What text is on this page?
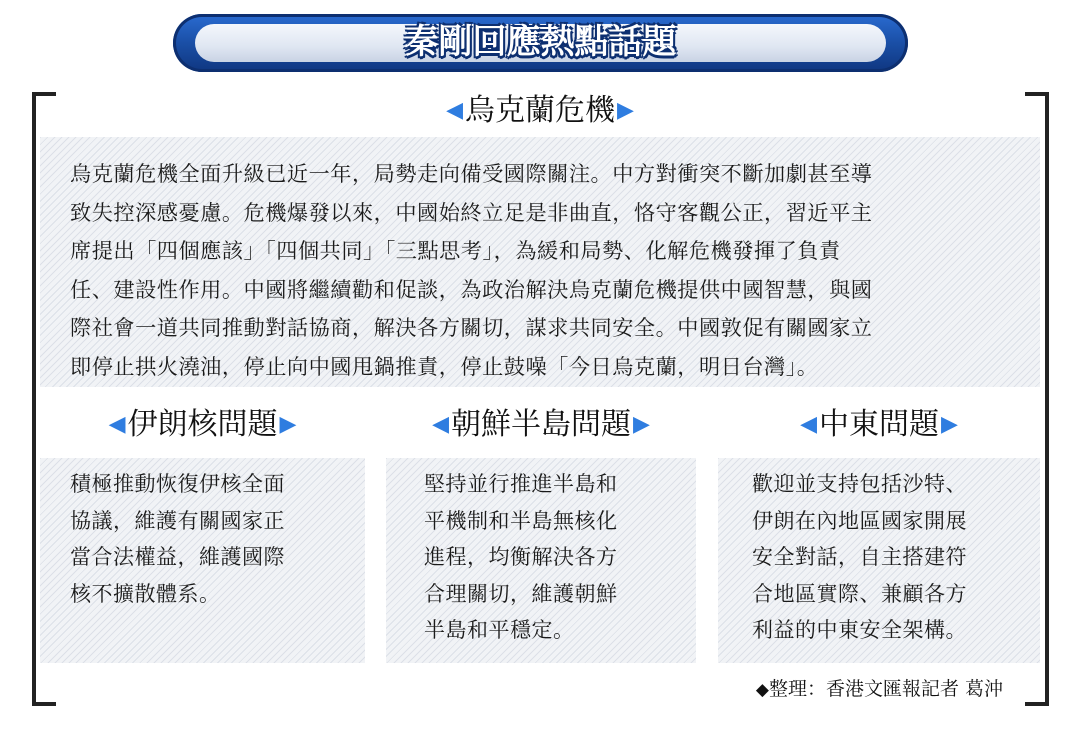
秦剛回應熱點話題
◀ 烏克蘭危機 ▶
烏克蘭危機全面升級已近一年，局勢走向備受國際關注。中方對衝突不斷加劇甚至導
致失控深感憂慮。危機爆發以來，中國始終立足是非曲直，恪守客觀公正，習近平主
席提出「四個應該」「四個共同」「三點思考」，為緩和局勢、化解危機發揮了負責
任、建設性作用。中國將繼續勸和促談，為政治解決烏克蘭危機提供中國智慧，與國
際社會一道共同推動對話協商，解決各方關切，謀求共同安全。中國敦促有關國家立
即停止拱火澆油，停止向中國甩鍋推責，停止鼓噪「今日烏克蘭，明日台灣」。
◀ 伊朗核問題 ▶	◀ 朝鮮半島問題 ▶	◀ 中東問題 ▶
積極推動恢復伊核全面
協議，維護有關國家正
當合法權益，維護國際
核不擴散體系。
堅持並行推進半島和
平機制和半島無核化
進程，均衡解決各方
合理關切，維護朝鮮
半島和平穩定。
歡迎並支持包括沙特、
伊朗在內地區國家開展
安全對話，自主搭建符
合地區實際、兼顧各方
利益的中東安全架構。
◆整理：香港文匯報記者 葛沖
